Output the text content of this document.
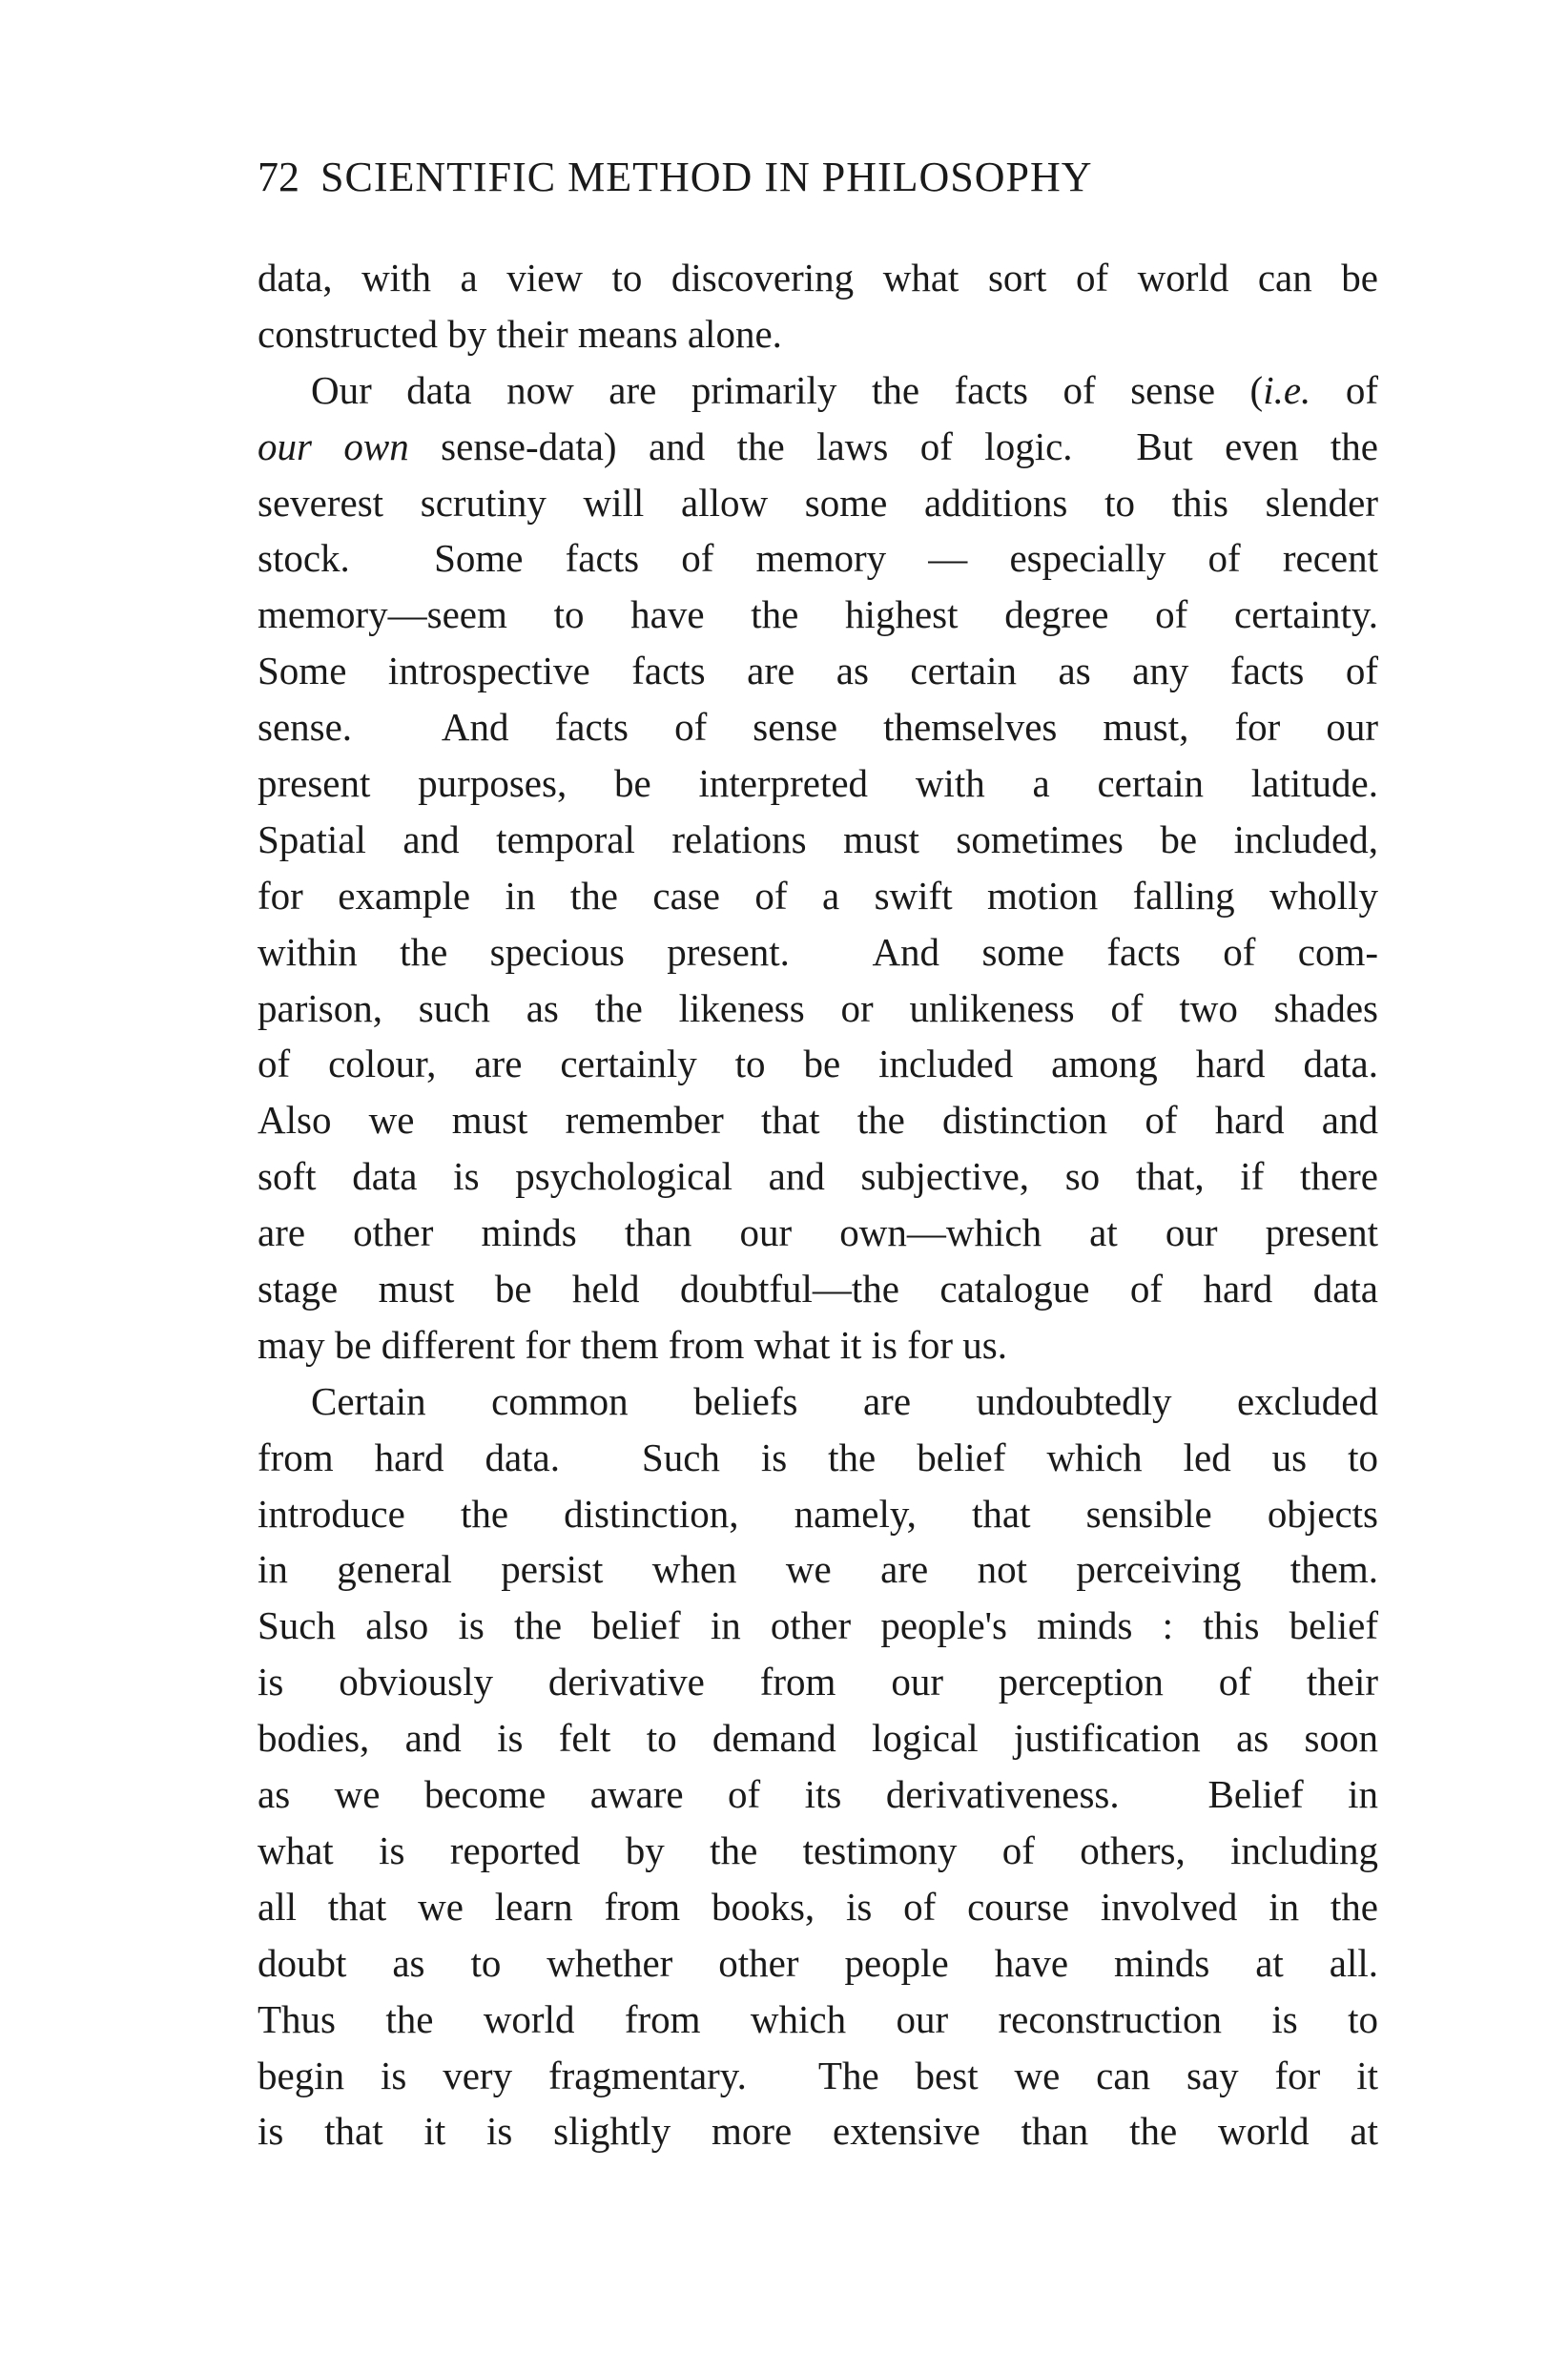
72 SCIENTIFIC METHOD IN PHILOSOPHY
data, with a view to discovering what sort of world can be
constructed by their means alone.
Our data now are primarily the facts of sense (i.e. of
our own sense-data) and the laws of logic.  But even the
severest scrutiny will allow some additions to this slender
stock.  Some facts of memory — especially of recent
memory—seem to have the highest degree of certainty.
Some introspective facts are as certain as any facts of
sense.  And facts of sense themselves must, for our
present purposes, be interpreted with a certain latitude.
Spatial and temporal relations must sometimes be included,
for example in the case of a swift motion falling wholly
within the specious present.  And some facts of com-
parison, such as the likeness or unlikeness of two shades
of colour, are certainly to be included among hard data.
Also we must remember that the distinction of hard and
soft data is psychological and subjective, so that, if there
are other minds than our own—which at our present
stage must be held doubtful—the catalogue of hard data
may be different for them from what it is for us.
Certain common beliefs are undoubtedly excluded
from hard data.  Such is the belief which led us to
introduce the distinction, namely, that sensible objects
in general persist when we are not perceiving them.
Such also is the belief in other people's minds : this belief
is obviously derivative from our perception of their
bodies, and is felt to demand logical justification as soon
as we become aware of its derivativeness.  Belief in
what is reported by the testimony of others, including
all that we learn from books, is of course involved in the
doubt as to whether other people have minds at all.
Thus the world from which our reconstruction is to
begin is very fragmentary.  The best we can say for it
is that it is slightly more extensive than the world at
